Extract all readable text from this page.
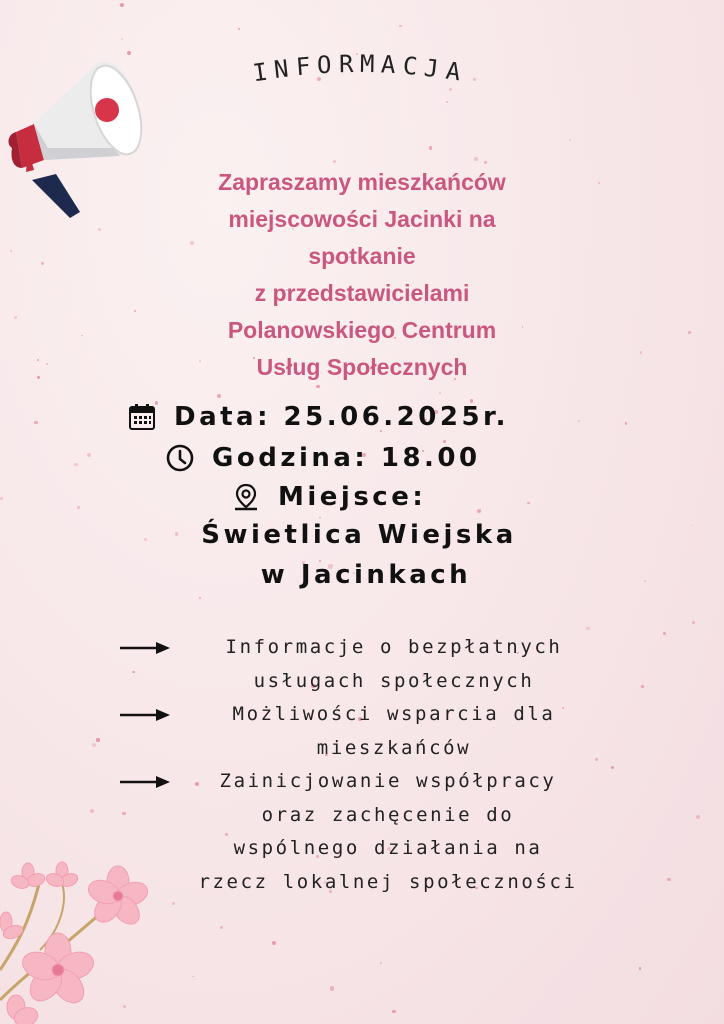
INFORMACJA
Zapraszamy mieszkańców
miejscowości Jacinki na
spotkanie
z przedstawicielami
Polanowskiego Centrum
Usług Społecznych
Data: 25.06.2025r.
Godzina: 18.00
Miejsce:
Świetlica Wiejska
w Jacinkach
Informacje o bezpłatnych
usługach społecznych
Możliwości wsparcia dla
mieszkańców
Zainicjowanie współpracy
oraz zachęcenie do
wspólnego działania na
rzecz lokalnej społeczności
